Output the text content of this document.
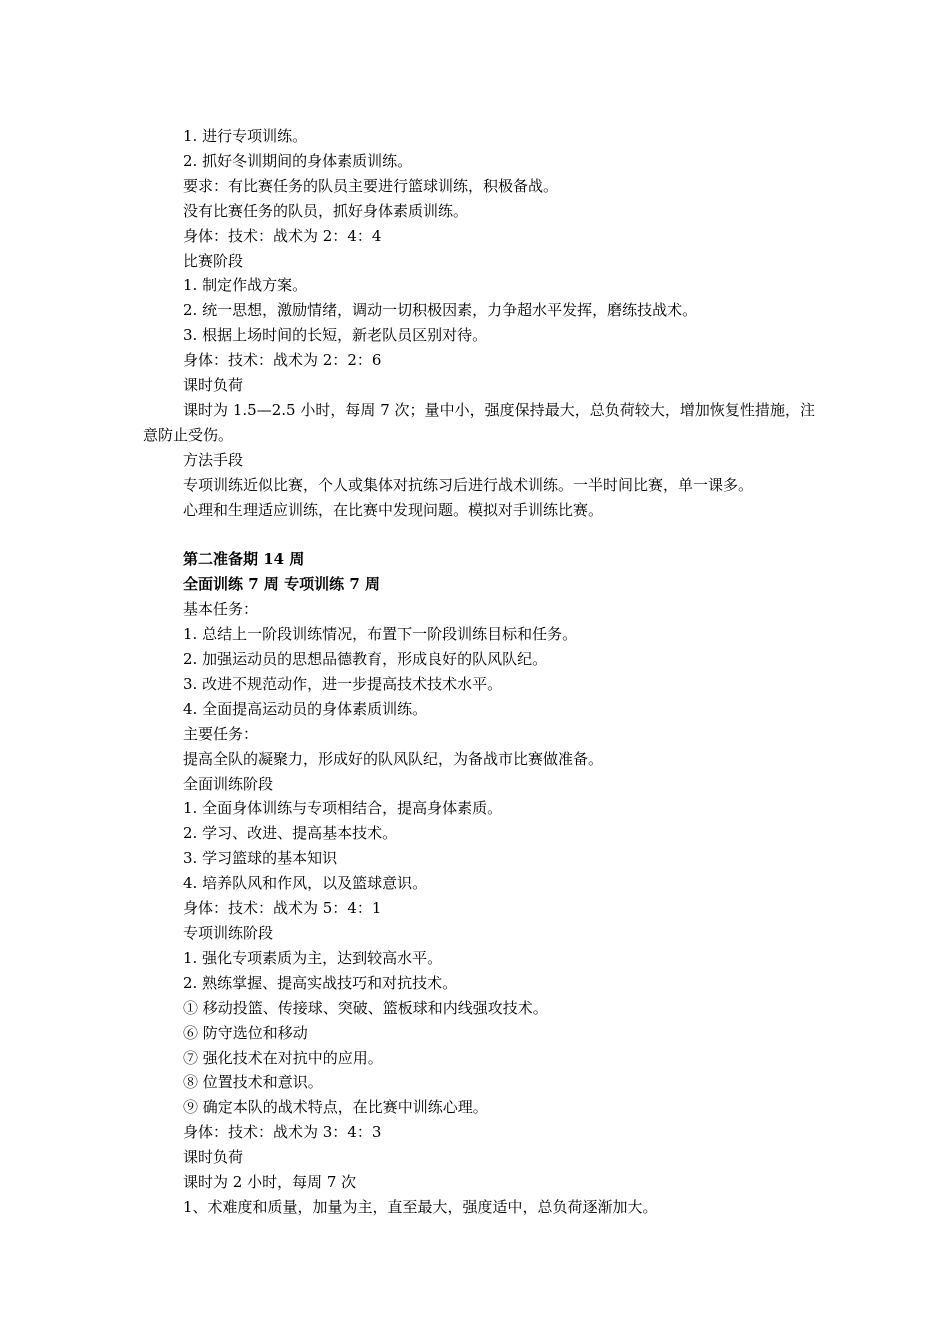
1. 进行专项训练。
2. 抓好冬训期间的身体素质训练。
要求：有比赛任务的队员主要进行篮球训练，积极备战。
没有比赛任务的队员，抓好身体素质训练。
身体：技术：战术为 2：4：4
比赛阶段
1. 制定作战方案。
2. 统一思想，激励情绪，调动一切积极因素，力争超水平发挥，磨练技战术。
3. 根据上场时间的长短，新老队员区别对待。
身体：技术：战术为 2：2：6
课时负荷
课时为 1.5—2.5 小时，每周 7 次；量中小，强度保持最大，总负荷较大，增加恢复性措施，注意防止受伤。
方法手段
专项训练近似比赛，个人或集体对抗练习后进行战术训练。一半时间比赛，单一课多。
心理和生理适应训练，在比赛中发现问题。模拟对手训练比赛。
第二准备期 14 周
全面训练 7 周 专项训练 7 周
基本任务：
1. 总结上一阶段训练情况，布置下一阶段训练目标和任务。
2. 加强运动员的思想品德教育，形成良好的队风队纪。
3. 改进不规范动作，进一步提高技术技术水平。
4. 全面提高运动员的身体素质训练。
主要任务：
提高全队的凝聚力，形成好的队风队纪，为备战市比赛做准备。
全面训练阶段
1. 全面身体训练与专项相结合，提高身体素质。
2. 学习、改进、提高基本技术。
3. 学习篮球的基本知识
4. 培养队风和作风，以及篮球意识。
身体：技术：战术为 5：4：1
专项训练阶段
1. 强化专项素质为主，达到较高水平。
2. 熟练掌握、提高实战技巧和对抗技术。
① 移动投篮、传接球、突破、篮板球和内线强攻技术。
⑥ 防守选位和移动
⑦ 强化技术在对抗中的应用。
⑧ 位置技术和意识。
⑨ 确定本队的战术特点，在比赛中训练心理。
身体：技术：战术为 3：4：3
课时负荷
课时为 2 小时，每周 7 次
1、术难度和质量，加量为主，直至最大，强度适中，总负荷逐渐加大。
